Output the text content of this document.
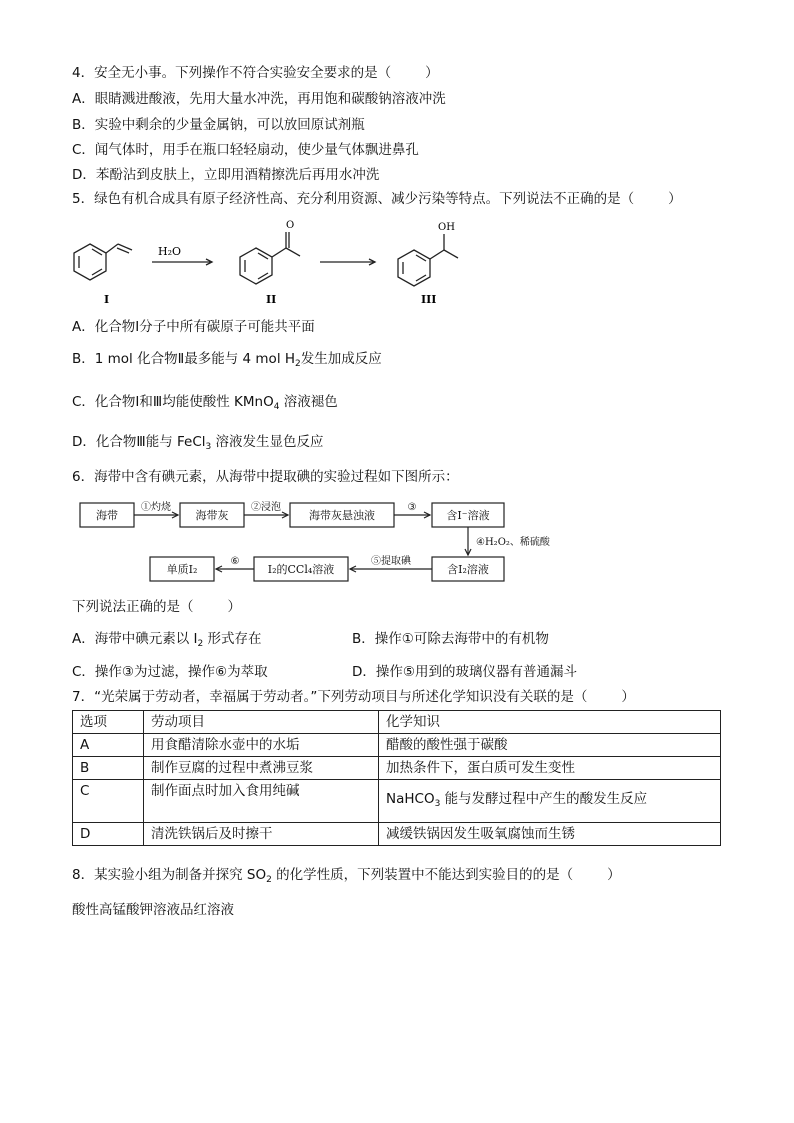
4．安全无小事。下列操作不符合实验安全要求的是（	）
A．眼睛溅进酸液，先用大量水冲洗，再用饱和碳酸钠溶液冲洗
B．实验中剩余的少量金属钠，可以放回原试剂瓶
C．闻气体时，用手在瓶口轻轻扇动，使少量气体飘进鼻孔
D．苯酚沾到皮肤上，立即用酒精擦洗后再用水冲洗
5．绿色有机合成具有原子经济性高、充分利用资源、减少污染等特点。下列说法不正确的是（	）
H₂O
O	OH
I	II	III
A．化合物Ⅰ分子中所有碳原子可能共平面
B．1 mol 化合物Ⅱ最多能与 4 mol $H_2$发生加成反应
C．化合物Ⅰ和Ⅲ均能使酸性 KMnO$_4$ 溶液褪色
D．化合物Ⅲ能与 FeCl$_3$ 溶液发生显色反应
6．海带中含有碘元素，从海带中提取碘的实验过程如下图所示：
海带	海带灰	海带灰悬浊液	含I⁻溶液
含I₂溶液
I₂的CCl₄溶液
单质I₂
①灼烧	②浸泡	③
④H₂O₂、稀硫酸
⑤提取碘
⑥
下列说法正确的是（	）
A．海带中碘元素以 $I_2$ 形式存在	B．操作①可除去海带中的有机物
C．操作③为过滤，操作⑥为萃取	D．操作⑤用到的玻璃仪器有普通漏斗
7．“光荣属于劳动者，幸福属于劳动者。”下列劳动项目与所述化学知识没有关联的是（	）
选项	劳动项目	化学知识
A	用食醋清除水壶中的水垢	醋酸的酸性强于碳酸
B	制作豆腐的过程中煮沸豆浆	加热条件下，蛋白质可发生变性
C	制作面点时加入食用纯碱	NaHCO$_3$ 能与发酵过程中产生的酸发生反应
D	清洗铁锅后及时擦干	减缓铁锅因发生吸氧腐蚀而生锈
8．某实验小组为制备并探究 $SO_2$ 的化学性质，下列装置中不能达到实验目的的是（	）
酸性高锰酸钾溶液品红溶液
